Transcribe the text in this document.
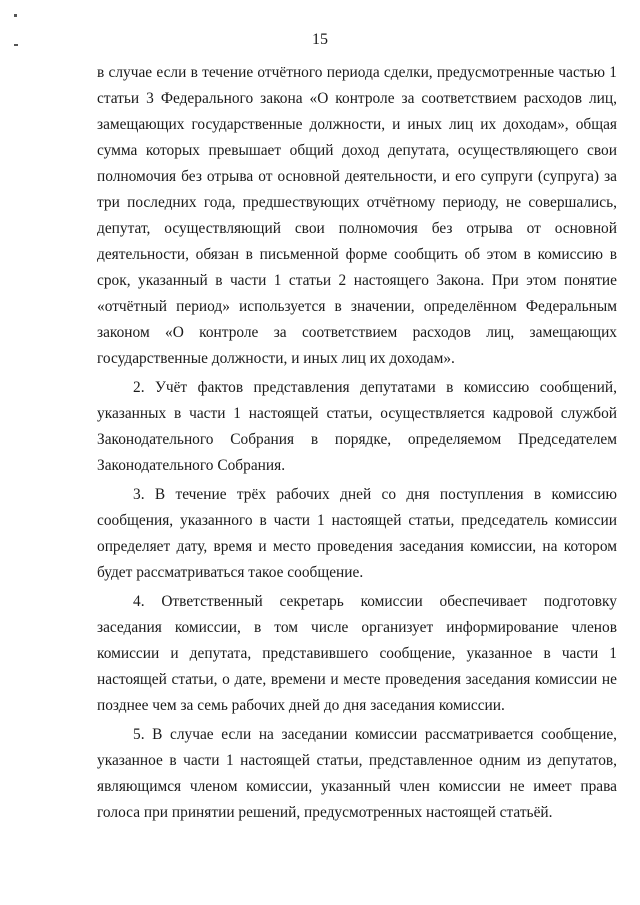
15

в случае если в течение отчётного периода сделки, предусмотренные частью 1 статьи 3 Федерального закона «О контроле за соответствием расходов лиц, замещающих государственные должности, и иных лиц их доходам», общая сумма которых превышает общий доход депутата, осуществляющего свои полномочия без отрыва от основной деятельности, и его супруги (супруга) за три последних года, предшествующих отчётному периоду, не совершались, депутат, осуществляющий свои полномочия без отрыва от основной деятельности, обязан в письменной форме сообщить об этом в комиссию в срок, указанный в части 1 статьи 2 настоящего Закона. При этом понятие «отчётный период» используется в значении, определённом Федеральным законом «О контроле за соответствием расходов лиц, замещающих государственные должности, и иных лиц их доходам».

2. Учёт фактов представления депутатами в комиссию сообщений, указанных в части 1 настоящей статьи, осуществляется кадровой службой Законодательного Собрания в порядке, определяемом Председателем Законодательного Собрания.

3. В течение трёх рабочих дней со дня поступления в комиссию сообщения, указанного в части 1 настоящей статьи, председатель комиссии определяет дату, время и место проведения заседания комиссии, на котором будет рассматриваться такое сообщение.

4. Ответственный секретарь комиссии обеспечивает подготовку заседания комиссии, в том числе организует информирование членов комиссии и депутата, представившего сообщение, указанное в части 1 настоящей статьи, о дате, времени и месте проведения заседания комиссии не позднее чем за семь рабочих дней до дня заседания комиссии.

5. В случае если на заседании комиссии рассматривается сообщение, указанное в части 1 настоящей статьи, представленное одним из депутатов, являющимся членом комиссии, указанный член комиссии не имеет права голоса при принятии решений, предусмотренных настоящей статьёй.
